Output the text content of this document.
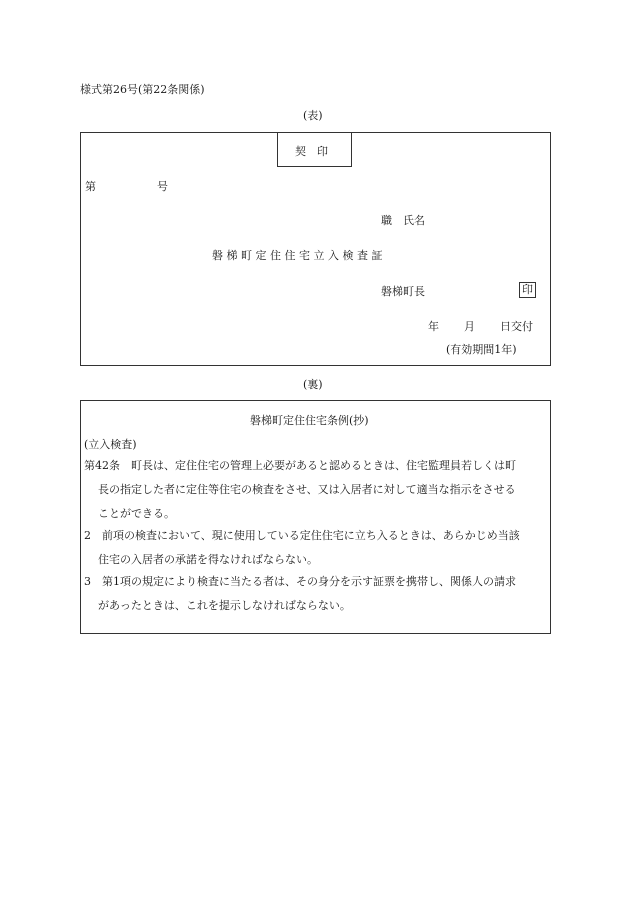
様式第26号(第22条関係)
(表)
契　印
第	号
職　氏名
磐 梯 町 定 住 住 宅 立 入 検 査 証
磐梯町長	印
年 月 日交付
(有効期間1年)
(裏)
磐梯町定住住宅条例(抄)
(立入検査)
第42条　町長は、定住住宅の管理上必要があると認めるときは、住宅監理員若しくは町
長の指定した者に定住等住宅の検査をさせ、又は入居者に対して適当な指示をさせる
ことができる。
2　前項の検査において、現に使用している定住住宅に立ち入るときは、あらかじめ当該
住宅の入居者の承諾を得なければならない。
3　第1項の規定により検査に当たる者は、その身分を示す証票を携帯し、関係人の請求
があったときは、これを提示しなければならない。
